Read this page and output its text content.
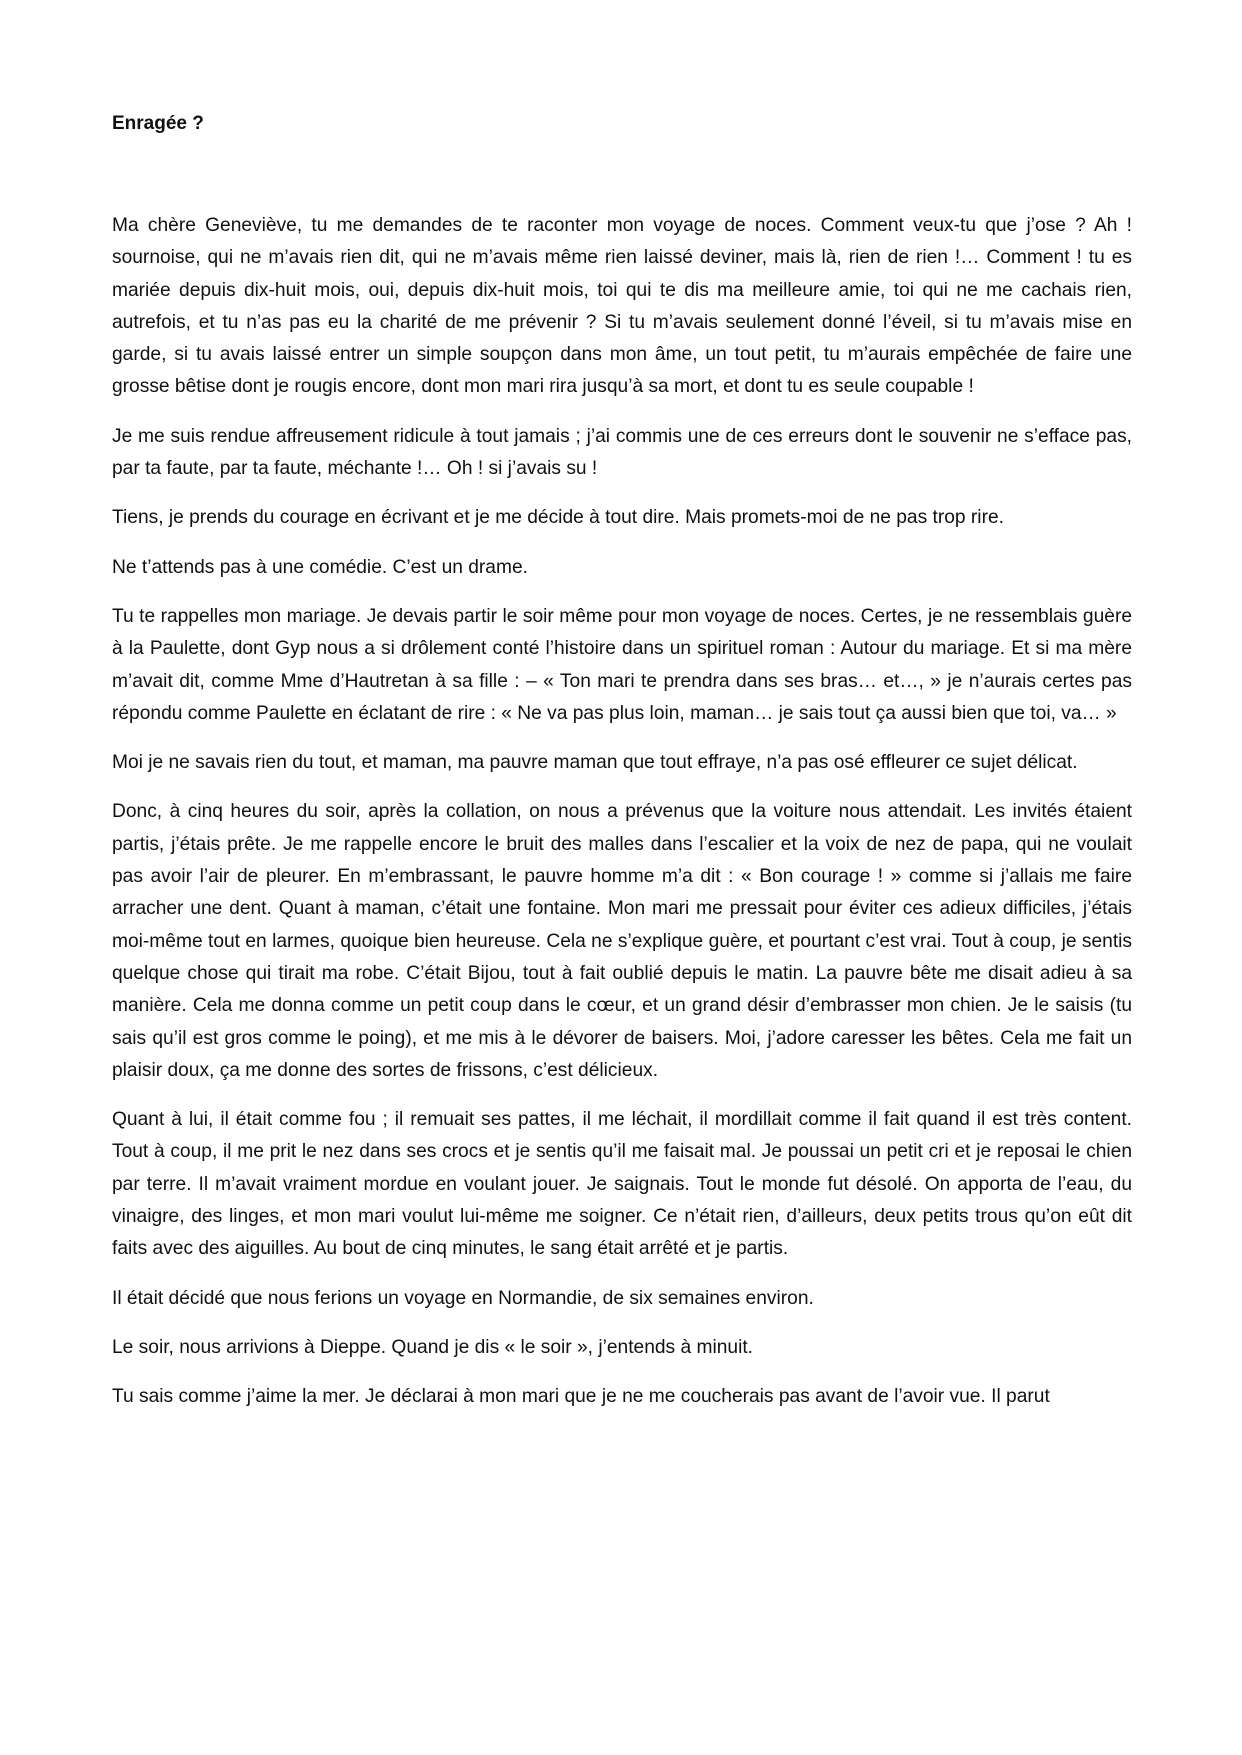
Enragée ?

Ma chère Geneviève, tu me demandes de te raconter mon voyage de noces. Comment veux-tu que j’ose ? Ah ! sournoise, qui ne m’avais rien dit, qui ne m’avais même rien laissé deviner, mais là, rien de rien !… Comment ! tu es mariée depuis dix-huit mois, oui, depuis dix-huit mois, toi qui te dis ma meilleure amie, toi qui ne me cachais rien, autrefois, et tu n’as pas eu la charité de me prévenir ? Si tu m’avais seulement donné l’éveil, si tu m’avais mise en garde, si tu avais laissé entrer un simple soupçon dans mon âme, un tout petit, tu m’aurais empêchée de faire une grosse bêtise dont je rougis encore, dont mon mari rira jusqu’à sa mort, et dont tu es seule coupable !

Je me suis rendue affreusement ridicule à tout jamais ; j’ai commis une de ces erreurs dont le souvenir ne s’efface pas, par ta faute, par ta faute, méchante !… Oh ! si j’avais su !

Tiens, je prends du courage en écrivant et je me décide à tout dire. Mais promets-moi de ne pas trop rire.

Ne t’attends pas à une comédie. C’est un drame.

Tu te rappelles mon mariage. Je devais partir le soir même pour mon voyage de noces. Certes, je ne ressemblais guère à la Paulette, dont Gyp nous a si drôlement conté l’histoire dans un spirituel roman : Autour du mariage. Et si ma mère m’avait dit, comme Mme d’Hautretan à sa fille : – « Ton mari te prendra dans ses bras… et…, » je n’aurais certes pas répondu comme Paulette en éclatant de rire : « Ne va pas plus loin, maman… je sais tout ça aussi bien que toi, va… »

Moi je ne savais rien du tout, et maman, ma pauvre maman que tout effraye, n’a pas osé effleurer ce sujet délicat.

Donc, à cinq heures du soir, après la collation, on nous a prévenus que la voiture nous attendait. Les invités étaient partis, j’étais prête. Je me rappelle encore le bruit des malles dans l’escalier et la voix de nez de papa, qui ne voulait pas avoir l’air de pleurer. En m’embrassant, le pauvre homme m’a dit : « Bon courage ! » comme si j’allais me faire arracher une dent. Quant à maman, c’était une fontaine. Mon mari me pressait pour éviter ces adieux difficiles, j’étais moi-même tout en larmes, quoique bien heureuse. Cela ne s’explique guère, et pourtant c’est vrai. Tout à coup, je sentis quelque chose qui tirait ma robe. C’était Bijou, tout à fait oublié depuis le matin. La pauvre bête me disait adieu à sa manière. Cela me donna comme un petit coup dans le cœur, et un grand désir d’embrasser mon chien. Je le saisis (tu sais qu’il est gros comme le poing), et me mis à le dévorer de baisers. Moi, j’adore caresser les bêtes. Cela me fait un plaisir doux, ça me donne des sortes de frissons, c’est délicieux.

Quant à lui, il était comme fou ; il remuait ses pattes, il me léchait, il mordillait comme il fait quand il est très content. Tout à coup, il me prit le nez dans ses crocs et je sentis qu’il me faisait mal. Je poussai un petit cri et je reposai le chien par terre. Il m’avait vraiment mordue en voulant jouer. Je saignais. Tout le monde fut désolé. On apporta de l’eau, du vinaigre, des linges, et mon mari voulut lui-même me soigner. Ce n’était rien, d’ailleurs, deux petits trous qu’on eût dit faits avec des aiguilles. Au bout de cinq minutes, le sang était arrêté et je partis.

Il était décidé que nous ferions un voyage en Normandie, de six semaines environ.

Le soir, nous arrivions à Dieppe. Quand je dis « le soir », j’entends à minuit.

Tu sais comme j’aime la mer. Je déclarai à mon mari que je ne me coucherais pas avant de l’avoir vue. Il parut
